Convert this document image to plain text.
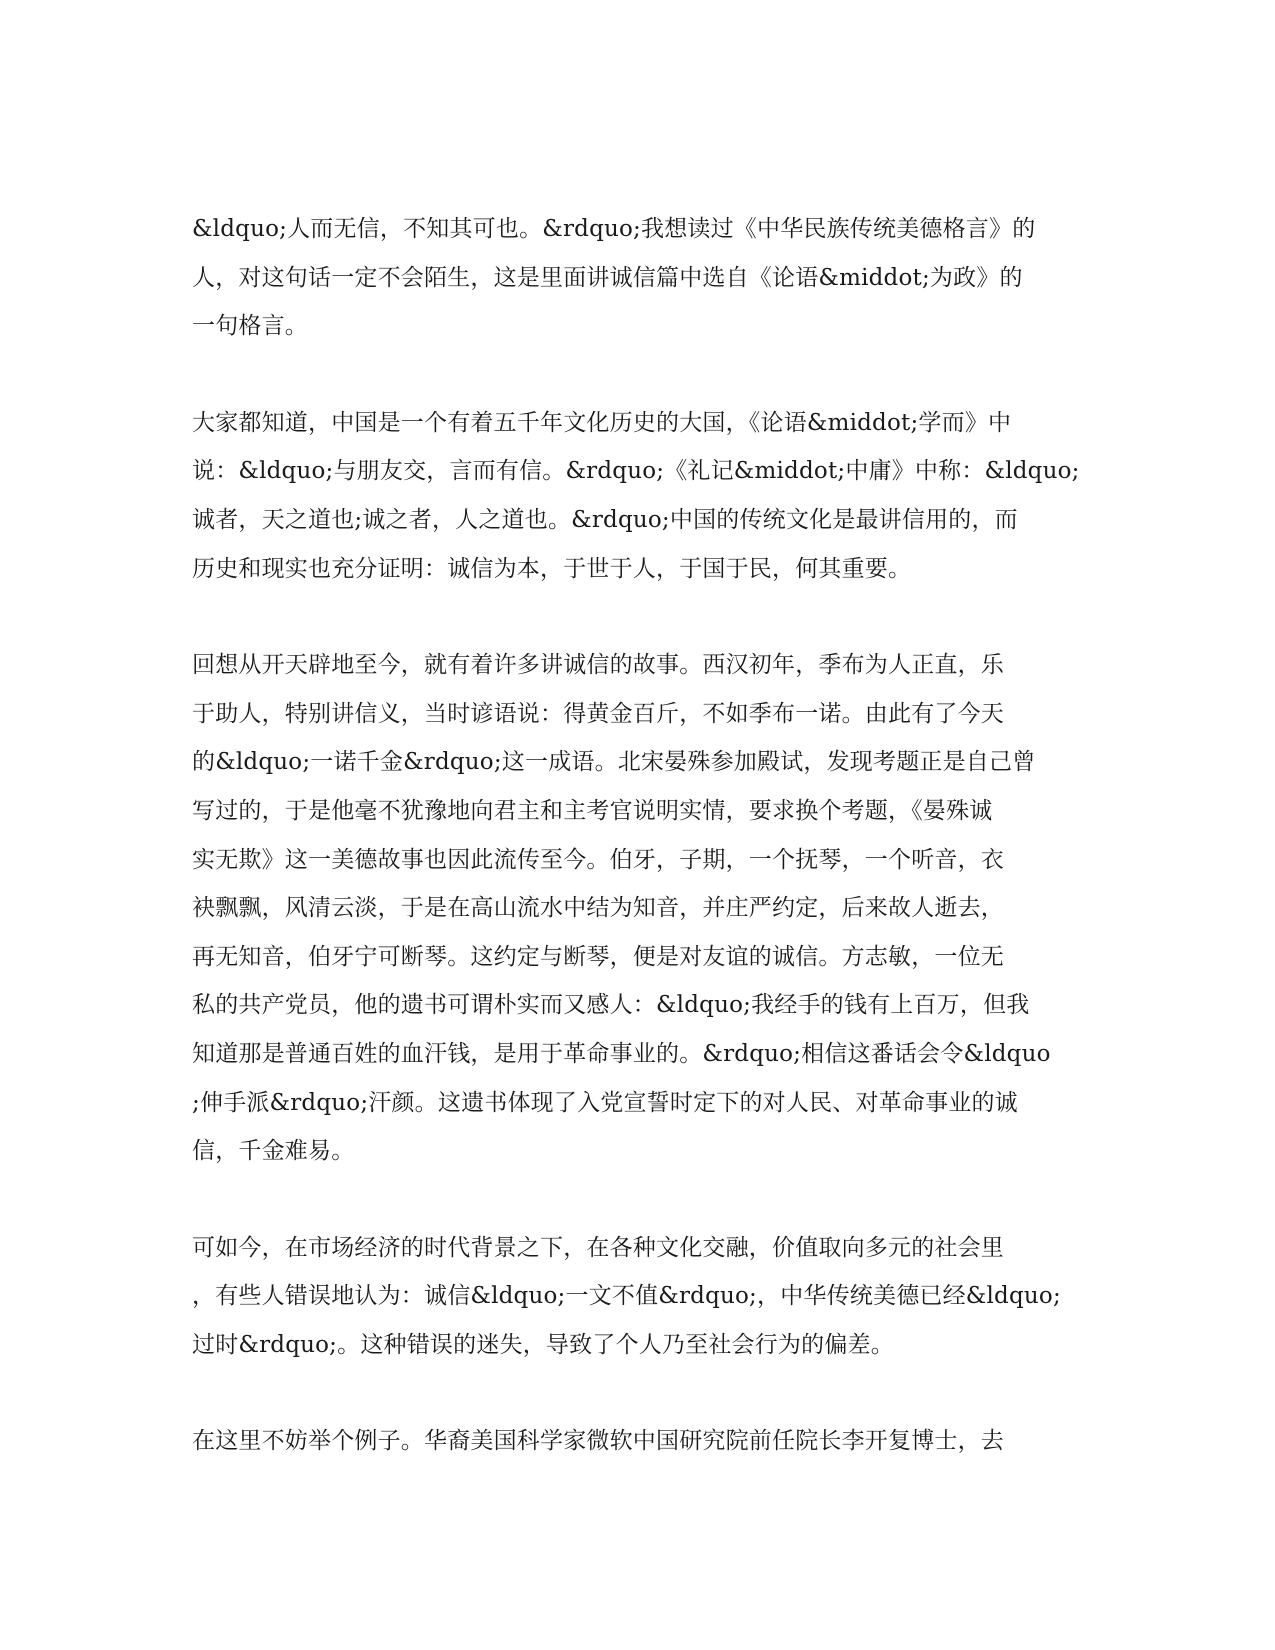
&ldquo;人而无信，不知其可也。&rdquo;我想读过《中华民族传统美德格言》的
人，对这句话一定不会陌生，这是里面讲诚信篇中选自《论语&middot;为政》的
一句格言。
大家都知道，中国是一个有着五千年文化历史的大国，《论语&middot;学而》中
说：&ldquo;与朋友交，言而有信。&rdquo;《礼记&middot;中庸》中称：&ldquo;
诚者，天之道也;诚之者，人之道也。&rdquo;中国的传统文化是最讲信用的，而
历史和现实也充分证明：诚信为本，于世于人，于国于民，何其重要。
回想从开天辟地至今，就有着许多讲诚信的故事。西汉初年，季布为人正直，乐
于助人，特别讲信义，当时谚语说：得黄金百斤，不如季布一诺。由此有了今天
的&ldquo;一诺千金&rdquo;这一成语。北宋晏殊参加殿试，发现考题正是自己曾
写过的，于是他毫不犹豫地向君主和主考官说明实情，要求换个考题，《晏殊诚
实无欺》这一美德故事也因此流传至今。伯牙，子期，一个抚琴，一个听音，衣
袂飘飘，风清云淡，于是在高山流水中结为知音，并庄严约定，后来故人逝去，
再无知音，伯牙宁可断琴。这约定与断琴，便是对友谊的诚信。方志敏，一位无
私的共产党员，他的遗书可谓朴实而又感人：&ldquo;我经手的钱有上百万，但我
知道那是普通百姓的血汗钱，是用于革命事业的。&rdquo;相信这番话会令&ldquo
;伸手派&rdquo;汗颜。这遗书体现了入党宣誓时定下的对人民、对革命事业的诚
信，千金难易。
可如今，在市场经济的时代背景之下，在各种文化交融，价值取向多元的社会里
，有些人错误地认为：诚信&ldquo;一文不值&rdquo;，中华传统美德已经&ldquo;
过时&rdquo;。这种错误的迷失，导致了个人乃至社会行为的偏差。
在这里不妨举个例子。华裔美国科学家微软中国研究院前任院长李开复博士，去
